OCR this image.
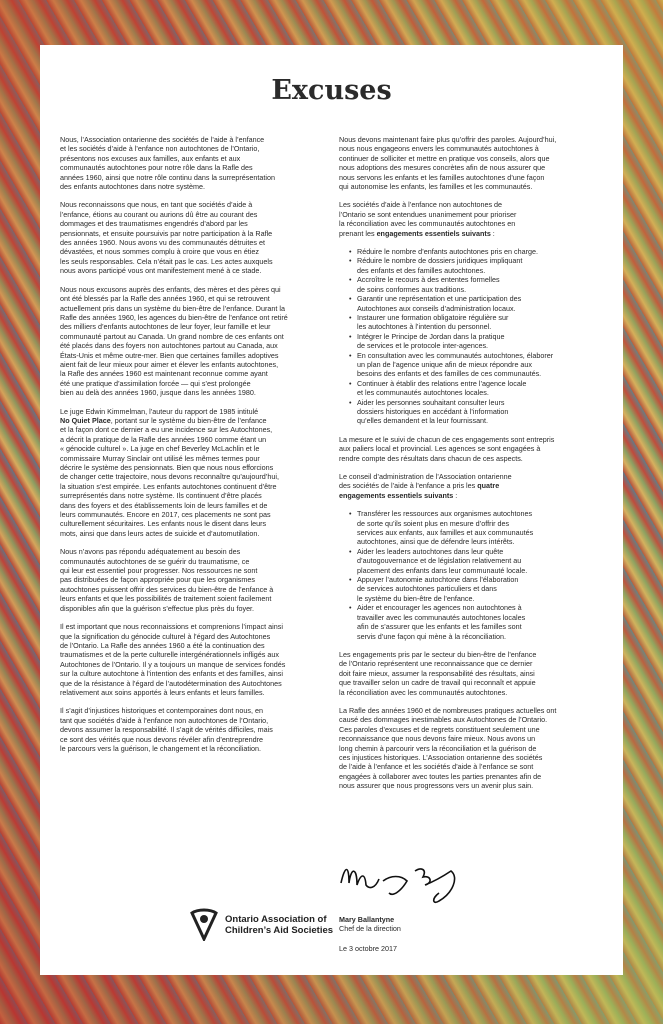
Excuses

Nous, l’Association ontarienne des sociétés de l’aide à l’enfance
et les sociétés d’aide à l’enfance non autochtones de l’Ontario,
présentons nos excuses aux familles, aux enfants et aux
communautés autochtones pour notre rôle dans la Rafle des
années 1960, ainsi que notre rôle continu dans la surreprésentation
des enfants autochtones dans notre système.

Nous reconnaissons que nous, en tant que sociétés d’aide à
l’enfance, étions au courant ou aurions dû être au courant des
dommages et des traumatismes engendrés d’abord par les
pensionnats, et ensuite poursuivis par notre participation à la Rafle
des années 1960. Nous avons vu des communautés détruites et
dévastées, et nous sommes complu à croire que vous en étiez
les seuls responsables. Cela n’était pas le cas. Les actes auxquels
nous avons participé vous ont manifestement mené à ce stade.

Nous nous excusons auprès des enfants, des mères et des pères qui
ont été blessés par la Rafle des années 1960, et qui se retrouvent
actuellement pris dans un système du bien-être de l’enfance. Durant la
Rafle des années 1960, les agences du bien-être de l’enfance ont retiré
des milliers d’enfants autochtones de leur foyer, leur famille et leur
communauté partout au Canada. Un grand nombre de ces enfants ont
été placés dans des foyers non autochtones partout au Canada, aux
États-Unis et même outre-mer. Bien que certaines familles adoptives
aient fait de leur mieux pour aimer et élever les enfants autochtones,
la Rafle des années 1960 est maintenant reconnue comme ayant
été une pratique d’assimilation forcée — qui s’est prolongée
bien au delà des années 1960, jusque dans les années 1980.

Le juge Edwin Kimmelman, l’auteur du rapport de 1985 intitulé
No Quiet Place, portant sur le système du bien-être de l’enfance
et la façon dont ce dernier a eu une incidence sur les Autochtones,
a décrit la pratique de la Rafle des années 1960 comme étant un
« génocide culturel ». La juge en chef Beverley McLachlin et le
commissaire Murray Sinclair ont utilisé les mêmes termes pour
décrire le système des pensionnats. Bien que nous nous efforcions
de changer cette trajectoire, nous devons reconnaître qu’aujourd’hui,
la situation s’est empirée. Les enfants autochtones continuent d’être
surreprésentés dans notre système. Ils continuent d’être placés
dans des foyers et des établissements loin de leurs familles et de
leurs communautés. Encore en 2017, ces placements ne sont pas
culturellement sécuritaires. Les enfants nous le disent dans leurs
mots, ainsi que dans leurs actes de suicide et d’automutilation.

Nous n’avons pas répondu adéquatement au besoin des
communautés autochtones de se guérir du traumatisme, ce
qui leur est essentiel pour progresser. Nos ressources ne sont
pas distribuées de façon appropriée pour que les organismes
autochtones puissent offrir des services du bien-être de l’enfance à
leurs enfants et que les possibilités de traitement soient facilement
disponibles afin que la guérison s’effectue plus près du foyer.

Il est important que nous reconnaissions et comprenions l’impact ainsi
que la signification du génocide culturel à l’égard des Autochtones
de l’Ontario. La Rafle des années 1960 a été la continuation des
traumatismes et de la perte culturelle intergénérationnels infligés aux
Autochtones de l’Ontario. Il y a toujours un manque de services fondés
sur la culture autochtone à l’intention des enfants et des familles, ainsi
que de la résistance à l’égard de l’autodétermination des Autochtones
relativement aux soins apportés à leurs enfants et leurs familles.

Il s’agit d’injustices historiques et contemporaines dont nous, en
tant que sociétés d’aide à l’enfance non autochtones de l’Ontario,
devons assumer la responsabilité. Il s’agit de vérités difficiles, mais
ce sont des vérités que nous devons révéler afin d’entreprendre
le parcours vers la guérison, le changement et la réconciliation.

Nous devons maintenant faire plus qu’offrir des paroles. Aujourd’hui,
nous nous engageons envers les communautés autochtones à
continuer de solliciter et mettre en pratique vos conseils, alors que
nous adoptions des mesures concrètes afin de nous assurer que
nous servons les enfants et les familles autochtones d’une façon
qui autonomise les enfants, les familles et les communautés.

Les sociétés d’aide à l’enfance non autochtones de
l’Ontario se sont entendues unanimement pour prioriser
la réconciliation avec les communautés autochtones en
prenant les engagements essentiels suivants :

• Réduire le nombre d’enfants autochtones pris en charge.
• Réduire le nombre de dossiers juridiques impliquant
des enfants et des familles autochtones.
• Accroître le recours à des ententes formelles
de soins conformes aux traditions.
• Garantir une représentation et une participation des
Autochtones aux conseils d’administration locaux.
• Instaurer une formation obligatoire régulière sur
les autochtones à l’intention du personnel.
• Intégrer le Principe de Jordan dans la pratique
de services et le protocole inter-agences.
• En consultation avec les communautés autochtones, élaborer
un plan de l’agence unique afin de mieux répondre aux
besoins des enfants et des familles de ces communautés.
• Continuer à établir des relations entre l’agence locale
et les communautés autochtones locales.
• Aider les personnes souhaitant consulter leurs
dossiers historiques en accédant à l’information
qu’elles demandent et la leur fournissant.

La mesure et le suivi de chacun de ces engagements sont entrepris
aux paliers local et provincial. Les agences se sont engagées à
rendre compte des résultats dans chacun de ces aspects.

Le conseil d’administration de l’Association ontarienne
des sociétés de l’aide à l’enfance a pris les quatre
engagements essentiels suivants :

• Transférer les ressources aux organismes autochtones
de sorte qu’ils soient plus en mesure d’offrir des
services aux enfants, aux familles et aux communautés
autochtones, ainsi que de défendre leurs intérêts.
• Aider les leaders autochtones dans leur quête
d’autogouvernance et de législation relativement au
placement des enfants dans leur communauté locale.
• Appuyer l’autonomie autochtone dans l’élaboration
de services autochtones particuliers et dans
le système du bien-être de l’enfance.
• Aider et encourager les agences non autochtones à
travailler avec les communautés autochtones locales
afin de s’assurer que les enfants et les familles sont
servis d’une façon qui mène à la réconciliation.

Les engagements pris par le secteur du bien-être de l’enfance
de l’Ontario représentent une reconnaissance que ce dernier
doit faire mieux, assumer la responsabilité des résultats, ainsi
que travailler selon un cadre de travail qui reconnaît et appuie
la réconciliation avec les communautés autochtones.

La Rafle des années 1960 et de nombreuses pratiques actuelles ont
causé des dommages inestimables aux Autochtones de l’Ontario.
Ces paroles d’excuses et de regrets constituent seulement une
reconnaissance que nous devons faire mieux. Nous avons un
long chemin à parcourir vers la réconciliation et la guérison de
ces injustices historiques. L’Association ontarienne des sociétés
de l’aide à l’enfance et les sociétés d’aide à l’enfance se sont
engagées à collaborer avec toutes les parties prenantes afin de
nous assurer que nous progressons vers un avenir plus sain.

Ontario Association of
Children’s Aid Societies
Mary Ballantyne
Chef de la direction
Le 3 octobre 2017
